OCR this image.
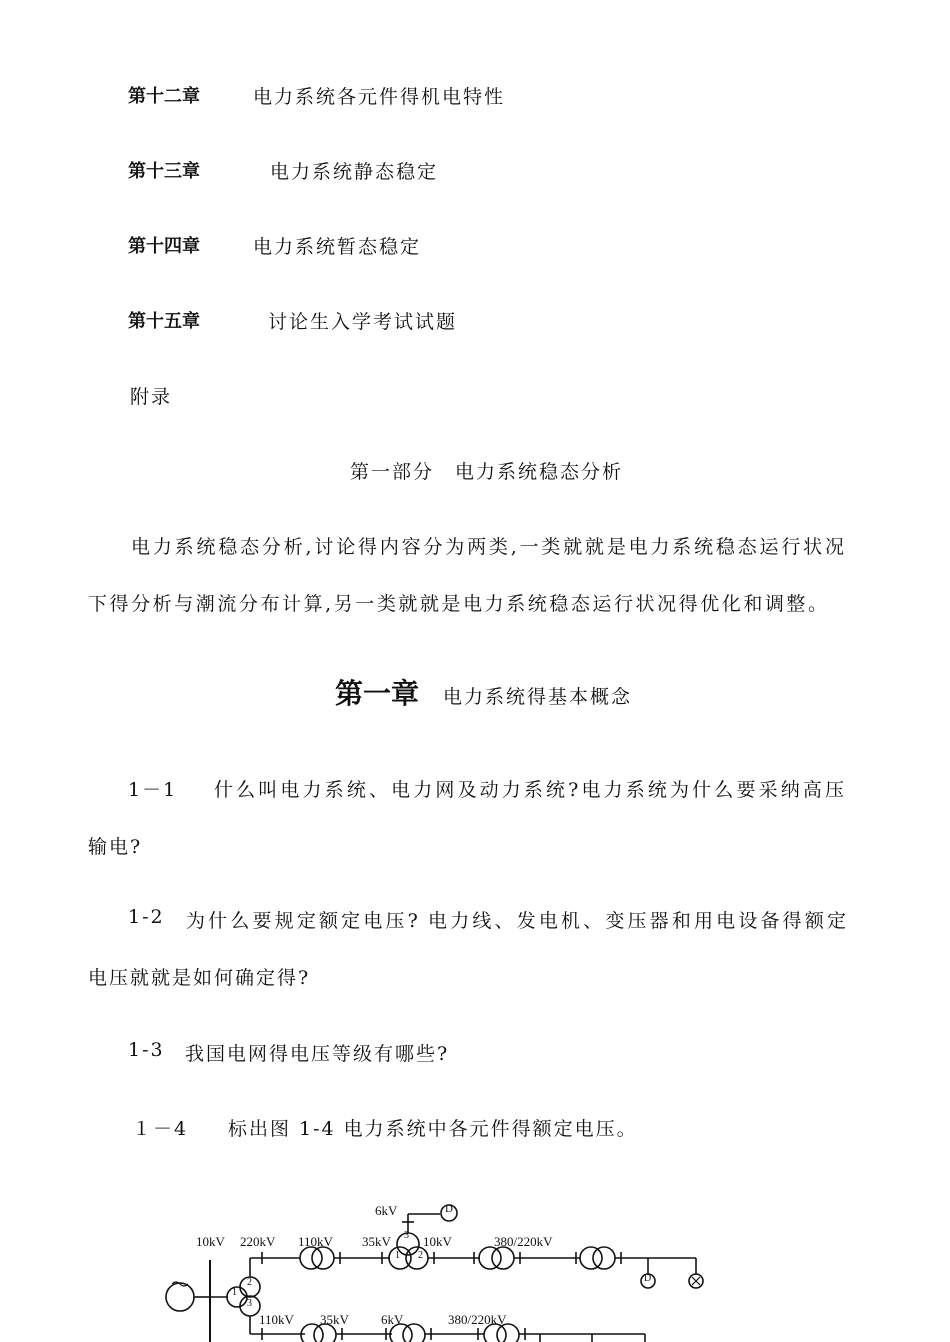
第十二章	电力系统各元件得机电特性
第十三章	电力系统静态稳定
第十四章	电力系统暂态稳定
第十五章	讨论生入学考试试题
附录
第一部分　电力系统稳态分析
电力系统稳态分析,讨论得内容分为两类,一类就就是电力系统稳态运行状况
下得分析与潮流分布计算,另一类就就是电力系统稳态运行状况得优化和调整。
第一章 电力系统得基本概念
1－1 什么叫电力系统、电力网及动力系统?电力系统为什么要采纳高压
输电?
1-2 为什么要规定额定电压? 电力线、发电机、变压器和用电设备得额定
电压就就是如何确定得?
1-3 我国电网得电压等级有哪些?
１－4 标出图 1-4 电力系统中各元件得额定电压。
6kV
10kV 220kV 110kV 35kV 10kV	380/220kV
110kV 35kV 6kV	380/220kV
D
D
3
1 2
1
2
3
